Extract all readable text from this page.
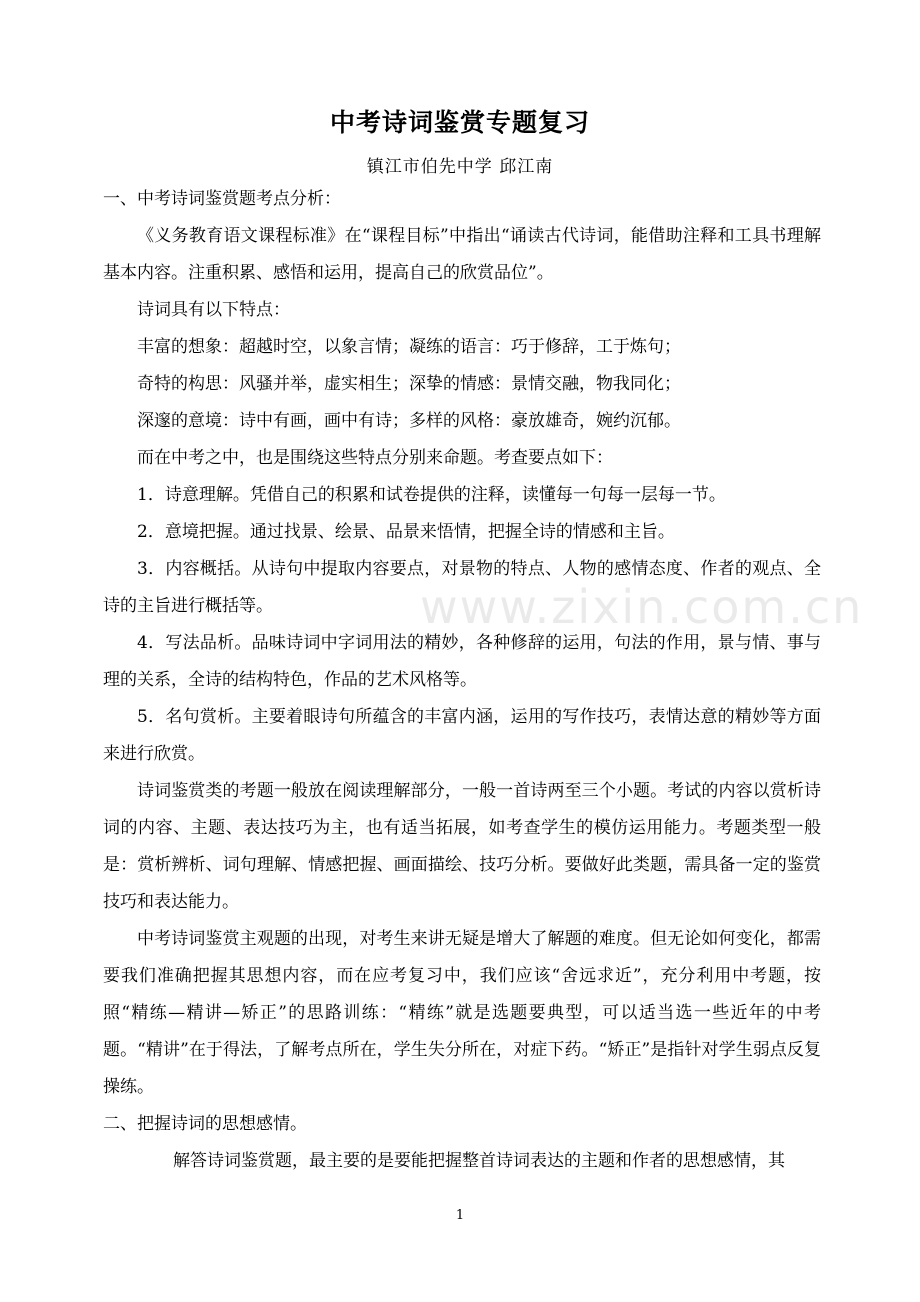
www.zixin.com.cn
中考诗词鉴赏专题复习
镇江市伯先中学 邱江南
一、中考诗词鉴赏题考点分析：
《义务教育语文课程标准》在“课程目标”中指出“诵读古代诗词，能借助注释和工具书理解基本内容。注重积累、感悟和运用，提高自己的欣赏品位”。
诗词具有以下特点：
丰富的想象：超越时空，以象言情；凝练的语言：巧于修辞，工于炼句；
奇特的构思：风骚并举，虚实相生；深挚的情感：景情交融，物我同化；
深邃的意境：诗中有画，画中有诗；多样的风格：豪放雄奇，婉约沉郁。
而在中考之中，也是围绕这些特点分别来命题。考查要点如下：
1．诗意理解。凭借自己的积累和试卷提供的注释，读懂每一句每一层每一节。
2．意境把握。通过找景、绘景、品景来悟情，把握全诗的情感和主旨。
3．内容概括。从诗句中提取内容要点，对景物的特点、人物的感情态度、作者的观点、全诗的主旨进行概括等。
4．写法品析。品味诗词中字词用法的精妙，各种修辞的运用，句法的作用，景与情、事与理的关系，全诗的结构特色，作品的艺术风格等。
5．名句赏析。主要着眼诗句所蕴含的丰富内涵，运用的写作技巧，表情达意的精妙等方面来进行欣赏。
诗词鉴赏类的考题一般放在阅读理解部分，一般一首诗两至三个小题。考试的内容以赏析诗词的内容、主题、表达技巧为主，也有适当拓展，如考查学生的模仿运用能力。考题类型一般是：赏析辨析、词句理解、情感把握、画面描绘、技巧分析。要做好此类题，需具备一定的鉴赏技巧和表达能力。
中考诗词鉴赏主观题的出现，对考生来讲无疑是增大了解题的难度。但无论如何变化，都需要我们准确把握其思想内容，而在应考复习中，我们应该“舍远求近”，充分利用中考题，按照“精练—精讲—矫正”的思路训练：“精练”就是选题要典型，可以适当选一些近年的中考题。“精讲”在于得法，了解考点所在，学生失分所在，对症下药。“矫正”是指针对学生弱点反复操练。
二、把握诗词的思想感情。
解答诗词鉴赏题，最主要的是要能把握整首诗词表达的主题和作者的思想感情，其
1
